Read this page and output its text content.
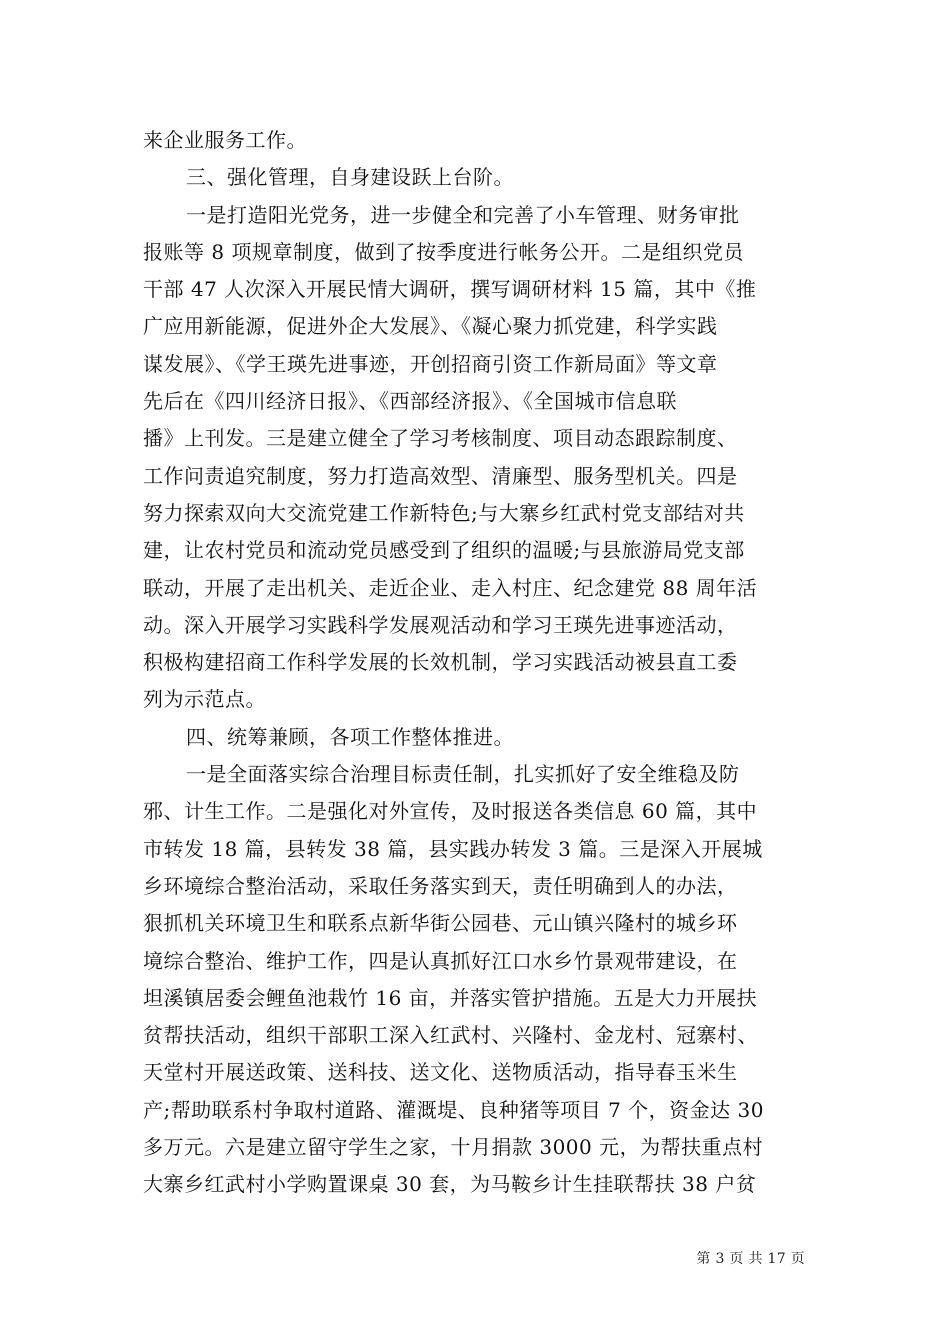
来企业服务工作。
三、强化管理，自身建设跃上台阶。
一是打造阳光党务，进一步健全和完善了小车管理、财务审批
报账等 8 项规章制度，做到了按季度进行帐务公开。二是组织党员
干部 47 人次深入开展民情大调研，撰写调研材料 15 篇，其中《推
广应用新能源，促进外企大发展》、《凝心聚力抓党建，科学实践
谋发展》、《学王瑛先进事迹，开创招商引资工作新局面》等文章
先后在《四川经济日报》、《西部经济报》、《全国城市信息联
播》上刊发。三是建立健全了学习考核制度、项目动态跟踪制度、
工作问责追究制度，努力打造高效型、清廉型、服务型机关。四是
努力探索双向大交流党建工作新特色;与大寨乡红武村党支部结对共
建，让农村党员和流动党员感受到了组织的温暖;与县旅游局党支部
联动，开展了走出机关、走近企业、走入村庄、纪念建党 88 周年活
动。深入开展学习实践科学发展观活动和学习王瑛先进事迹活动，
积极构建招商工作科学发展的长效机制，学习实践活动被县直工委
列为示范点。
四、统筹兼顾，各项工作整体推进。
一是全面落实综合治理目标责任制，扎实抓好了安全维稳及防
邪、计生工作。二是强化对外宣传，及时报送各类信息 60 篇，其中
市转发 18 篇，县转发 38 篇，县实践办转发 3 篇。三是深入开展城
乡环境综合整治活动，采取任务落实到天，责任明确到人的办法，
狠抓机关环境卫生和联系点新华街公园巷、元山镇兴隆村的城乡环
境综合整治、维护工作，四是认真抓好江口水乡竹景观带建设，在
坦溪镇居委会鲤鱼池栽竹 16 亩，并落实管护措施。五是大力开展扶
贫帮扶活动，组织干部职工深入红武村、兴隆村、金龙村、冠寨村、
天堂村开展送政策、送科技、送文化、送物质活动，指导春玉米生
产;帮助联系村争取村道路、灌溉堤、良种猪等项目 7 个，资金达 30
多万元。六是建立留守学生之家，十月捐款 3000 元，为帮扶重点村
大寨乡红武村小学购置课桌 30 套，为马鞍乡计生挂联帮扶 38 户贫
第 3 页 共 17 页
